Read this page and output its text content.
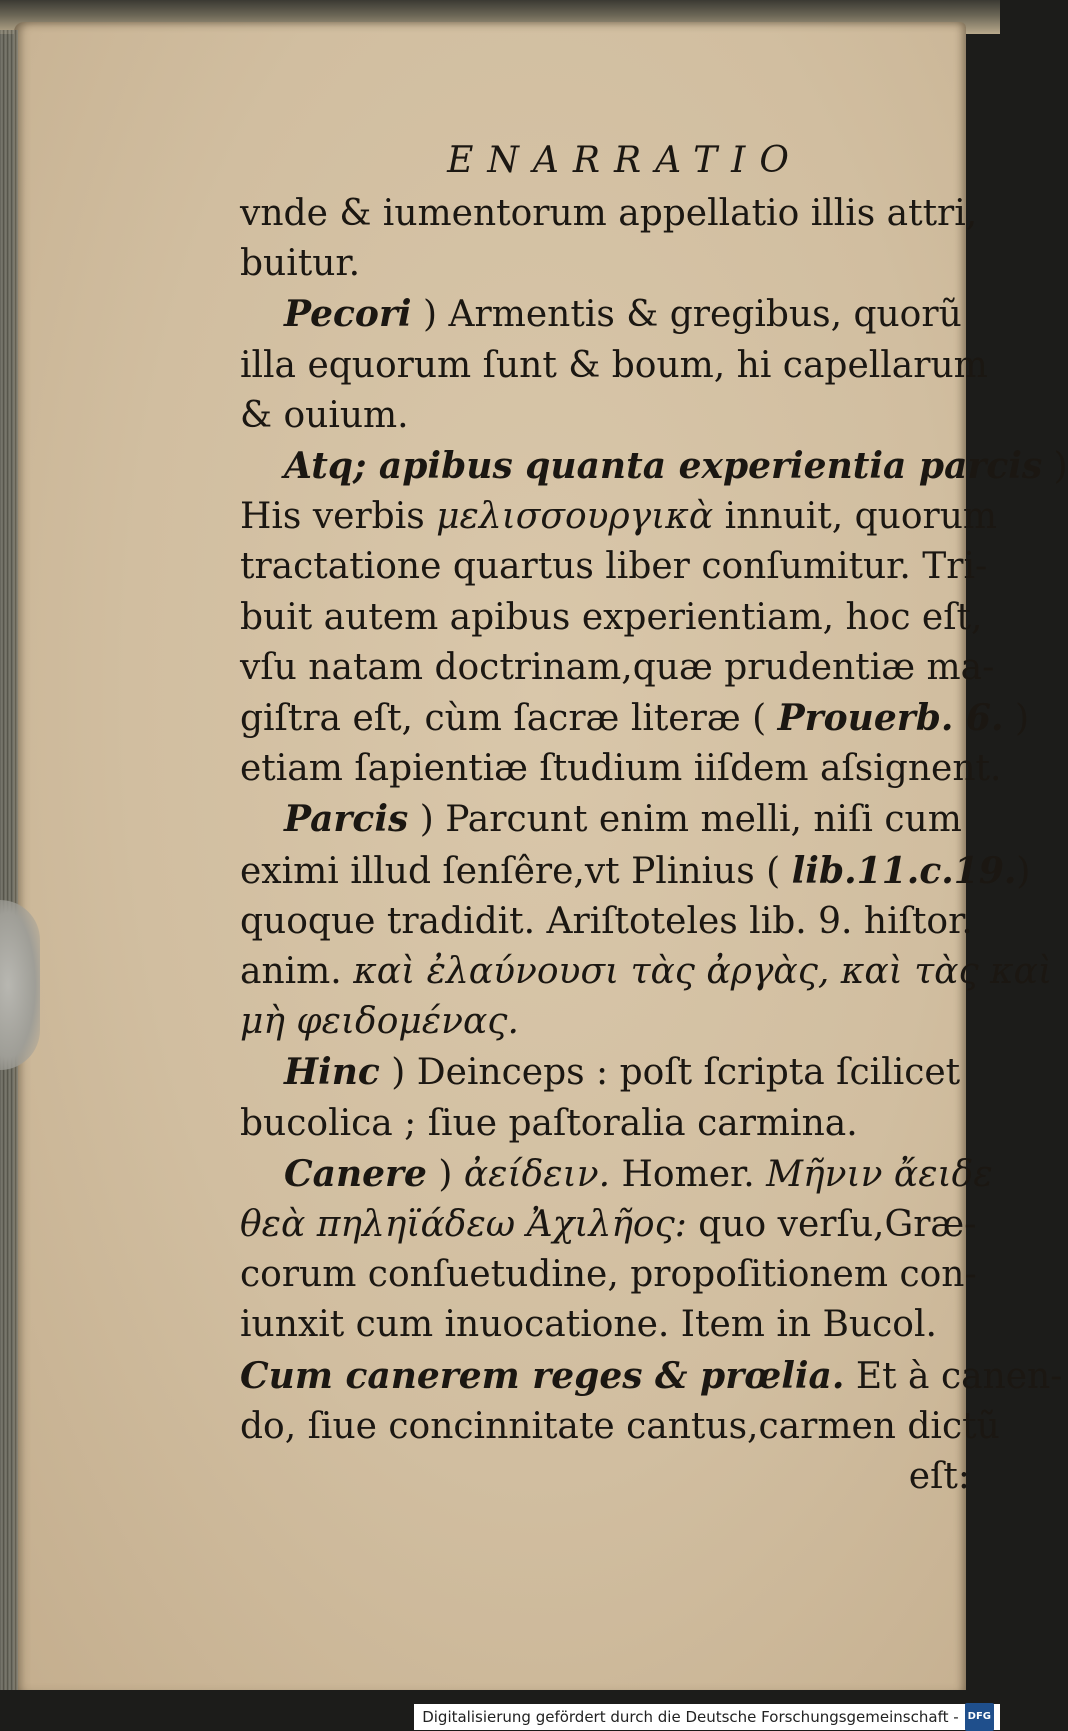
ENARRATIO
vnde & iumentorum appellatio illis attri,
buitur.
Pecori ) Armentis & gregibus, quorũ
illa equorum ſunt & boum, hi capellarum
& ouium.
Atq; apibus quanta experientia parcis )
His verbis μελισσουργικὰ innuit, quorum
tractatione quartus liber conſumitur. Tri-
buit autem apibus experientiam, hoc eſt,
vſu natam doctrinam,quæ prudentiæ ma-
giſtra eſt, cùm ſacræ literæ ( Prouerb. 6. )
etiam ſapientiæ ſtudium iiſdem aſsignent.
Parcis ) Parcunt enim melli, niſi cum
eximi illud ſenſêre,vt Plinius ( lib.11.c.19.)
quoque tradidit. Ariſtoteles lib. 9. hiſtor.
anim. καὶ ἐλαύνουσι τὰς ἀργὰς, καὶ τὰς καὶ
μὴ φειδομένας.
Hinc ) Deinceps : poſt ſcripta ſcilicet
bucolica ; ſiue paſtoralia carmina.
Canere ) ἀείδειν. Homer. Μῆνιν ἄειδε
θεὰ πηληϊάδεω Ἀχιλῆος: quo verſu,Græ-
corum conſuetudine, propoſitionem con-
iunxit cum inuocatione. Item in Bucol.
Cum canerem reges & prœlia. Et à canen-
do, ſiue concinnitate cantus,carmen dictũ
eſt:
Digitalisierung gefördert durch die Deutsche Forschungsgemeinschaft - DFG
